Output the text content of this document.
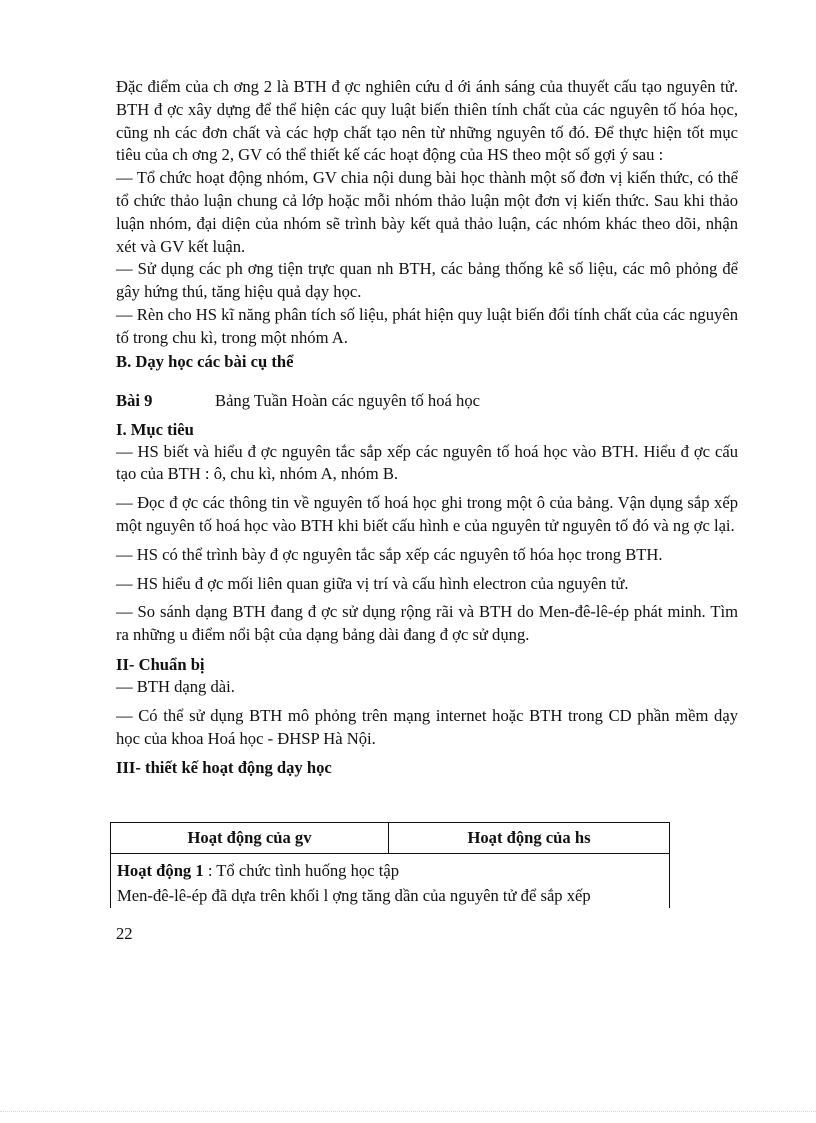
Đặc điểm của ch ơng 2 là BTH đ ợc nghiên cứu d ới ánh sáng của thuyết cấu tạo nguyên tử. BTH đ ợc xây dựng để thể hiện các quy luật biến thiên tính chất của các nguyên tố hóa học, cũng nh các đơn chất và các hợp chất tạo nên từ những nguyên tố đó. Để thực hiện tốt mục tiêu của ch ơng 2, GV có thể thiết kế các hoạt động của HS theo một số gợi ý sau :

— Tổ chức hoạt động nhóm, GV chia nội dung bài học thành một số đơn vị kiến thức, có thể tổ chức thảo luận chung cả lớp hoặc mỗi nhóm thảo luận một đơn vị kiến thức. Sau khi thảo luận nhóm, đại diện của nhóm sẽ trình bày kết quả thảo luận, các nhóm khác theo dõi, nhận xét và GV kết luận.

— Sử dụng các ph ơng tiện trực quan nh BTH, các bảng thống kê số liệu, các mô phỏng để gây hứng thú, tăng hiệu quả dạy học.

— Rèn cho HS kĩ năng phân tích số liệu, phát hiện quy luật biến đổi tính chất của các nguyên tố trong chu kì, trong một nhóm A.

B. Dạy học các bài cụ thể

Bài 9	Bảng Tuần Hoàn các nguyên tố hoá học

I. Mục tiêu

— HS biết và hiểu đ ợc nguyên tắc sắp xếp các nguyên tố hoá học vào BTH. Hiểu đ ợc cấu tạo của BTH : ô, chu kì, nhóm A, nhóm B.

— Đọc đ ợc các thông tin về nguyên tố hoá học ghi trong một ô của bảng. Vận dụng sắp xếp một nguyên tố hoá học vào BTH khi biết cấu hình e của nguyên tử nguyên tố đó và ng ợc lại.

— HS có thể trình bày đ ợc nguyên tắc sắp xếp các nguyên tố hóa học trong BTH.

— HS hiểu đ ợc mối liên quan giữa vị trí và cấu hình electron của nguyên tử.

— So sánh dạng BTH đang đ ợc sử dụng rộng rãi và BTH do Men-đê-lê-ép phát minh. Tìm ra những u điểm nổi bật của dạng bảng dài đang đ ợc sử dụng.

II- Chuẩn bị

— BTH dạng dài.

— Có thể sử dụng BTH mô phỏng trên mạng internet hoặc BTH trong CD phần mềm dạy học của khoa Hoá học - ĐHSP Hà Nội.

III- thiết kế hoạt động dạy học

Hoạt động của gv	Hoạt động của hs

Hoạt động 1 : Tổ chức tình huống học tập

Men-đê-lê-ép đã dựa trên khối l ợng tăng dần của nguyên tử để sắp xếp

22
